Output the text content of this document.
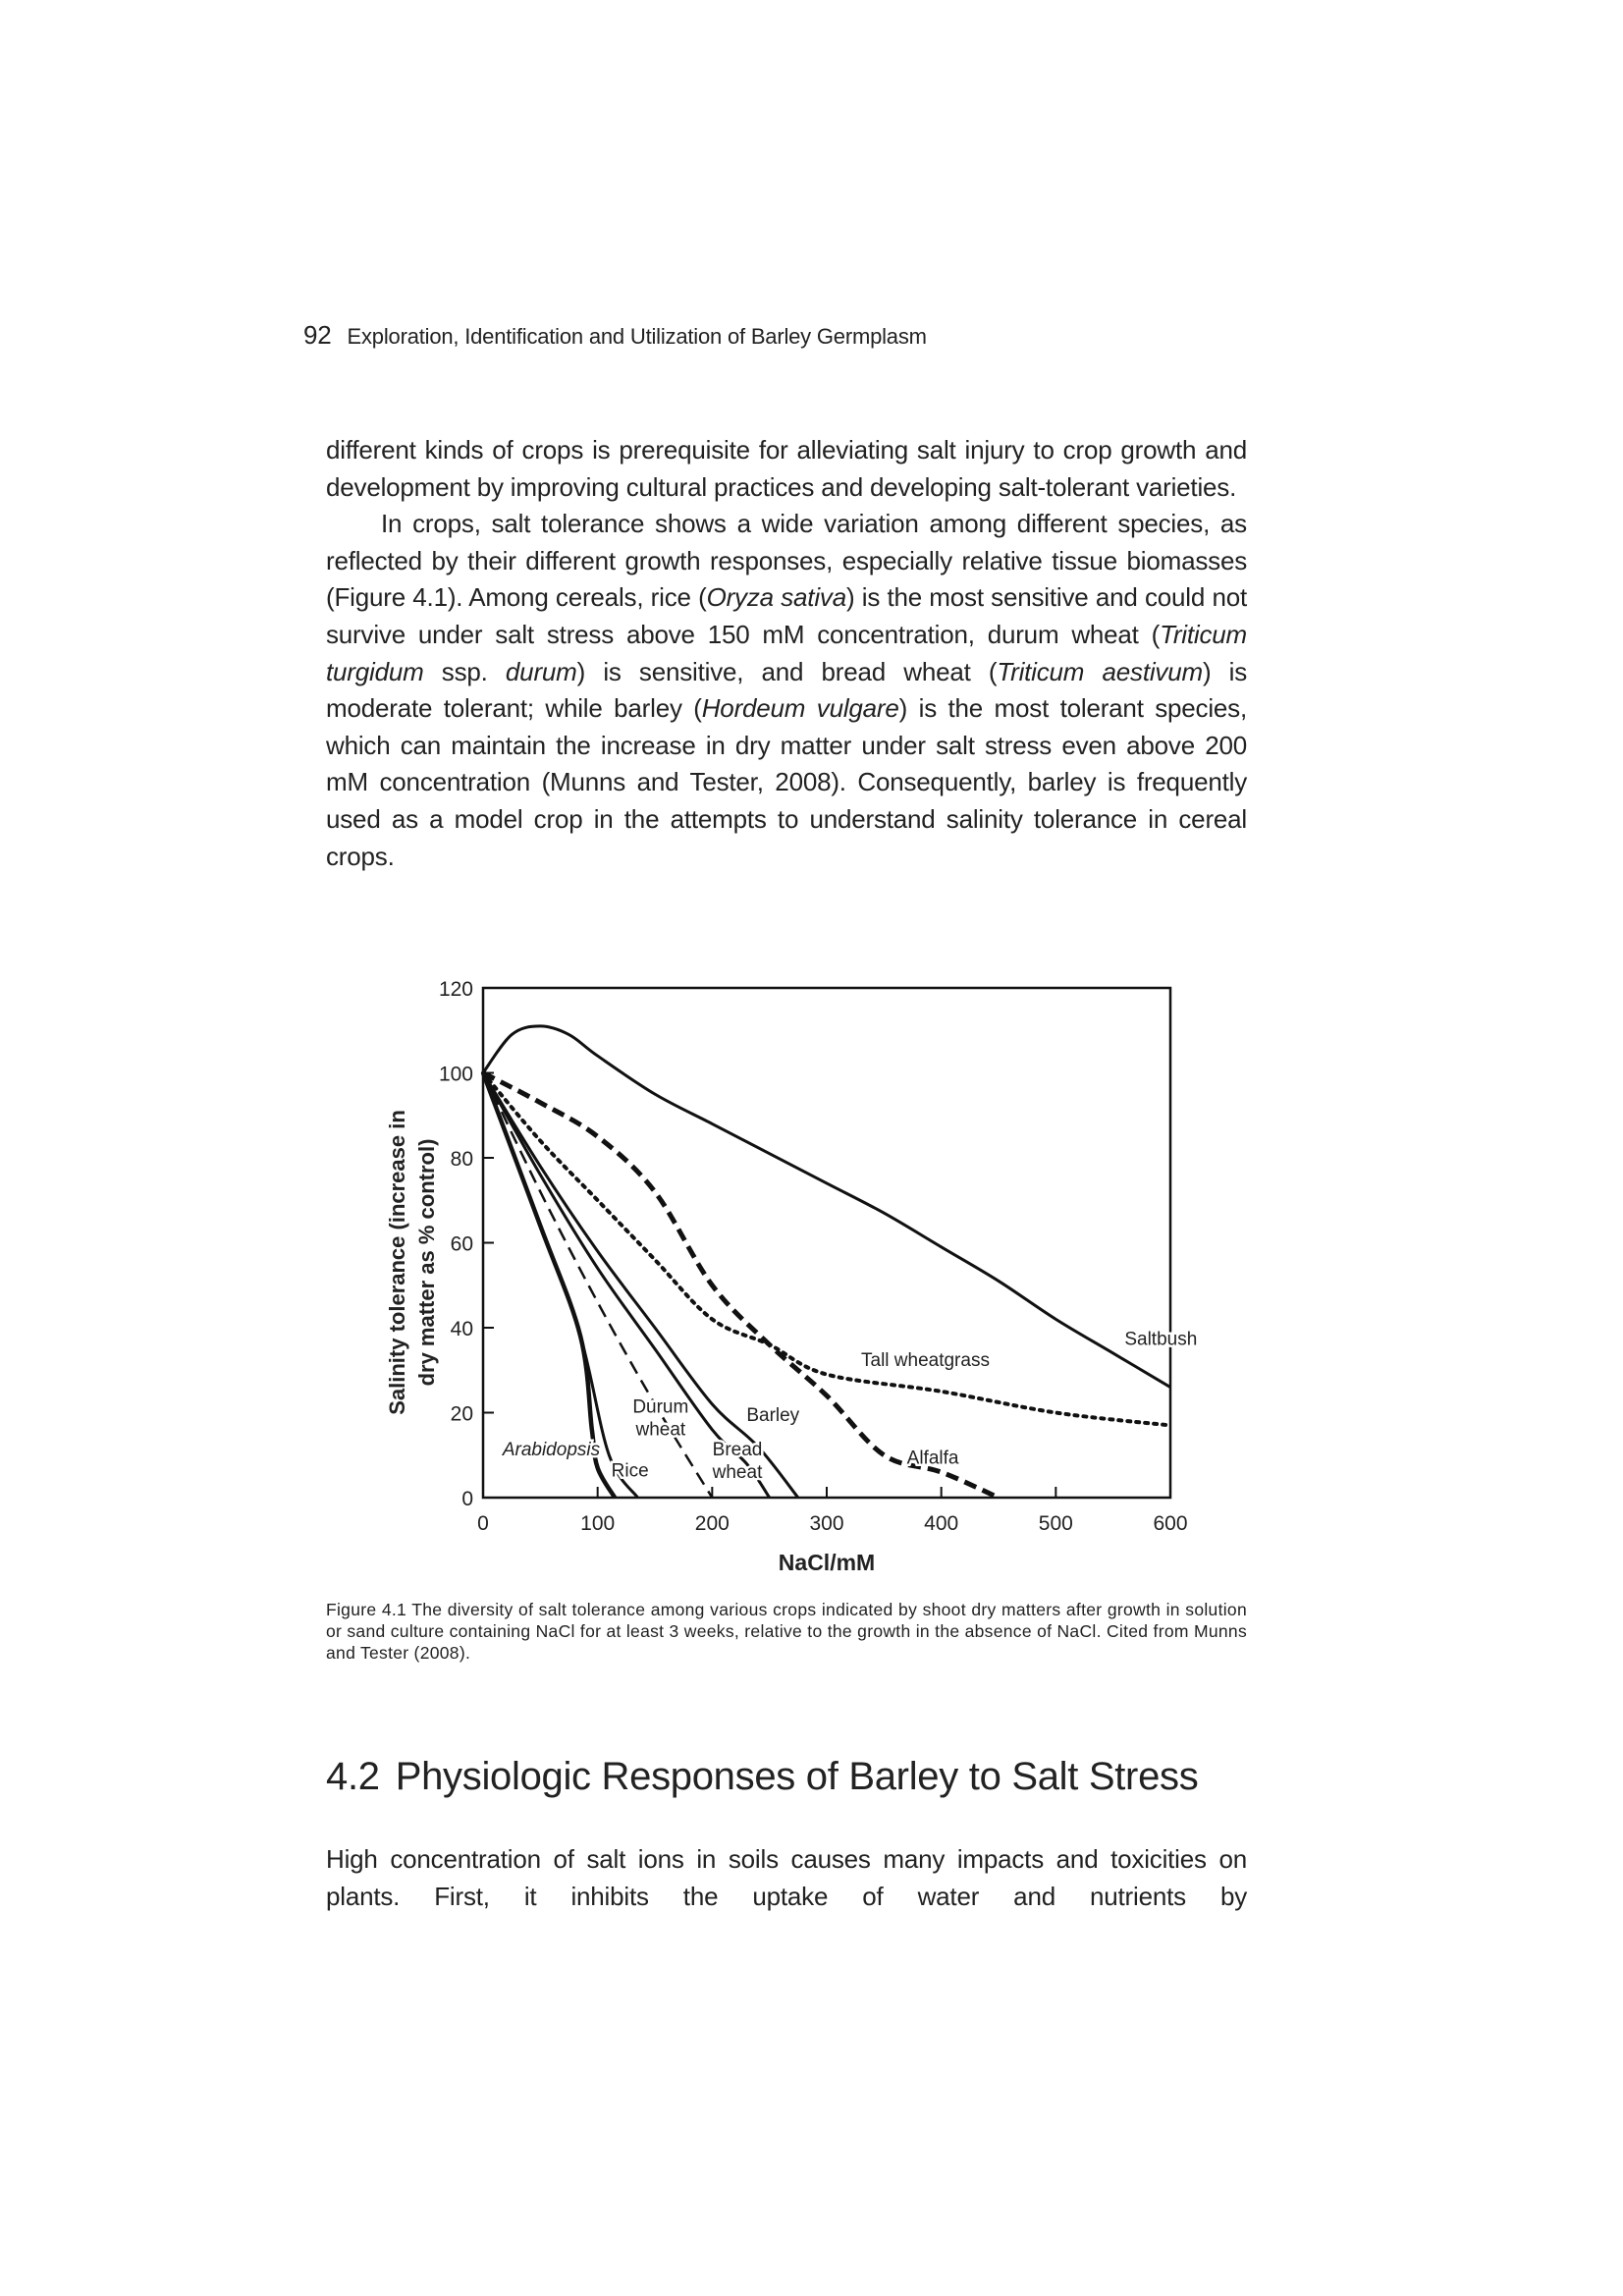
92 Exploration, Identification and Utilization of Barley Germplasm

different kinds of crops is prerequisite for alleviating salt injury to crop growth and development by improving cultural practices and developing salt-tolerant varieties.

In crops, salt tolerance shows a wide variation among different species, as reflected by their different growth responses, especially relative tissue biomasses (Figure 4.1). Among cereals, rice (Oryza sativa) is the most sensitive and could not survive under salt stress above 150 mM concentration, durum wheat (Triticum turgidum ssp. durum) is sensitive, and bread wheat (Triticum aestivum) is moderate tolerant; while barley (Hordeum vulgare) is the most tolerant species, which can maintain the increase in dry matter under salt stress even above 200 mM concentration (Munns and Tester, 2008). Consequently, barley is frequently used as a model crop in the attempts to understand salinity tolerance in cereal crops.

0
20
40
60
80
100
120
0	100	200	300	400	500	600
NaCl/mM
Salinity tolerance (increase in dry matter as % control)	Saltbush
Tall wheatgrass
Alfalfa
Barley
Bread
wheat
Durum
wheat
Rice
Arabidopsis
Figure 4.1 The diversity of salt tolerance among various crops indicated by shoot dry matters after growth in solution or sand culture containing NaCl for at least 3 weeks, relative to the growth in the absence of NaCl. Cited from Munns and Tester (2008).
4.2 Physiologic Responses of Barley to Salt Stress

High concentration of salt ions in soils causes many impacts and toxicities on plants. First, it inhibits the uptake of water and nutrients by
